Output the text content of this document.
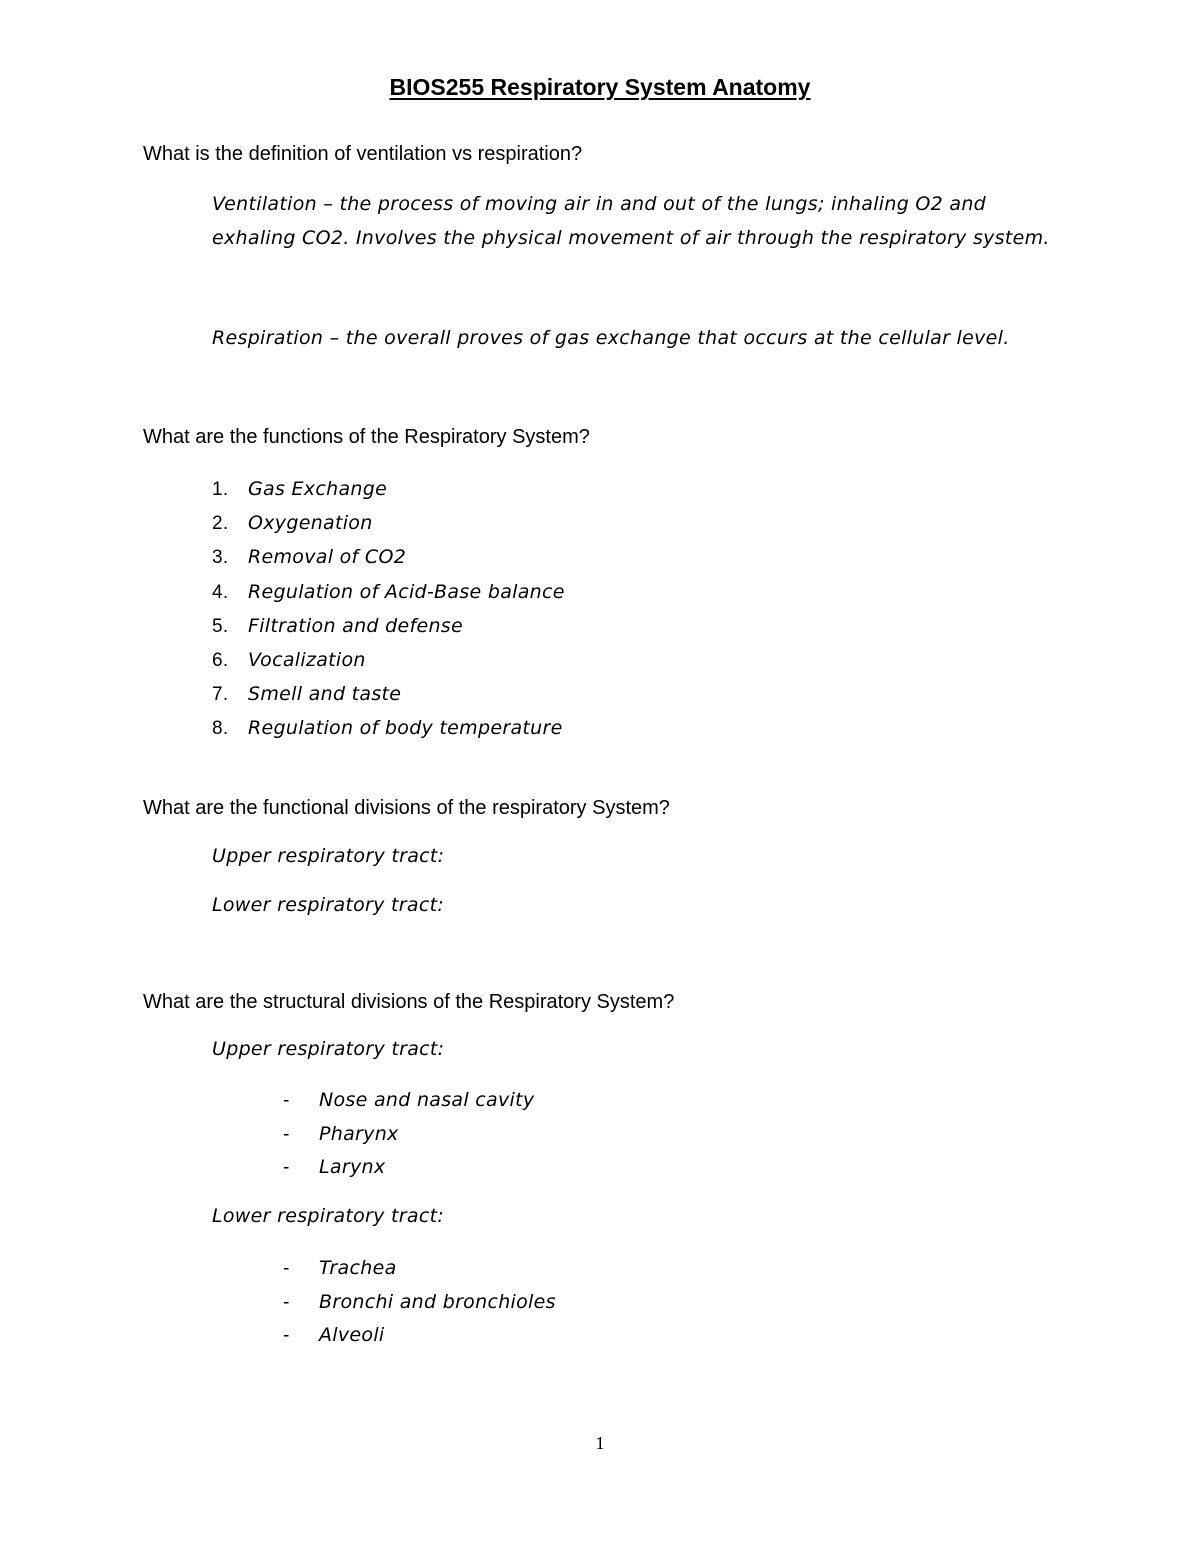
BIOS255 Respiratory System Anatomy
What is the definition of ventilation vs respiration?
Ventilation – the process of moving air in and out of the lungs; inhaling O2 and exhaling CO2. Involves the physical movement of air through the respiratory system.
Respiration – the overall proves of gas exchange that occurs at the cellular level.
What are the functions of the Respiratory System?
1. Gas Exchange
2. Oxygenation
3. Removal of CO2
4. Regulation of Acid-Base balance
5. Filtration and defense
6. Vocalization
7. Smell and taste
8. Regulation of body temperature
What are the functional divisions of the respiratory System?
Upper respiratory tract:
Lower respiratory tract:
What are the structural divisions of the Respiratory System?
Upper respiratory tract:
- Nose and nasal cavity
- Pharynx
- Larynx
Lower respiratory tract:
- Trachea
- Bronchi and bronchioles
- Alveoli
1
